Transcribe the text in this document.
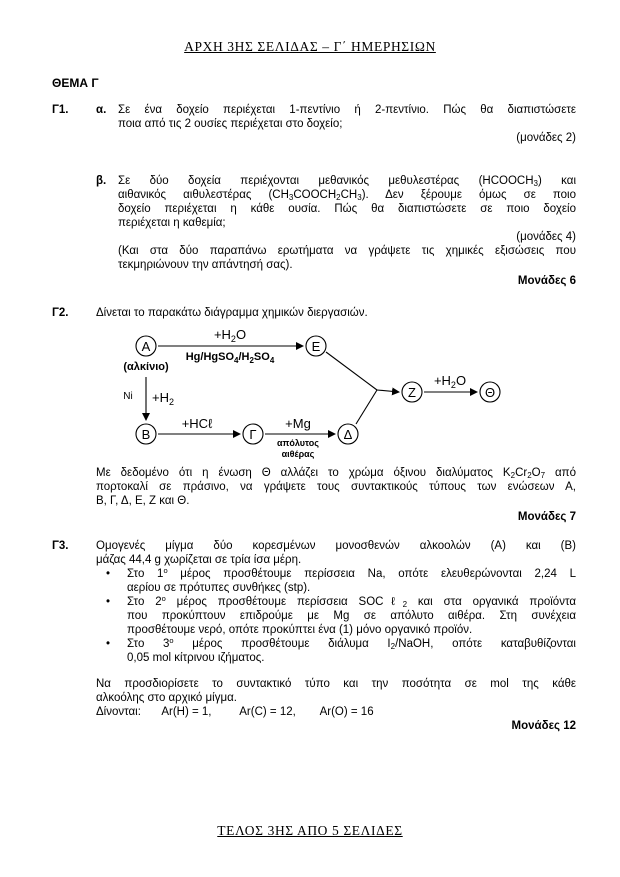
ΑΡΧΗ 3ΗΣ ΣΕΛΙΔΑΣ – Γ΄ ΗΜΕΡΗΣΙΩΝ
ΘΕΜΑ Γ
Γ1. α. Σε ένα δοχείο περιέχεται 1-πεντίνιο ή 2-πεντίνιο. Πώς θα διαπιστώσετε
ποια από τις 2 ουσίες περιέχεται στο δοχείο;
(μονάδες 2)
β. Σε δύο δοχεία περιέχονται μεθανικός μεθυλεστέρας $(HCOOCH_3)$ και
αιθανικός αιθυλεστέρας $(CH_3COOCH_2CH_3)$. Δεν ξέρουμε όμως σε ποιο
δοχείο περιέχεται η κάθε ουσία. Πώς θα διαπιστώσετε σε ποιο δοχείο
περιέχεται η καθεμία;
(μονάδες 4)
(Και στα δύο παραπάνω ερωτήματα να γράψετε τις χημικές εξισώσεις που
τεκμηριώνουν την απάντησή σας).
Μονάδες 6
Γ2. Δίνεται το παρακάτω διάγραμμα χημικών διεργασιών.
Α	Ε
Ζ	Θ
Β	Γ	Δ
(αλκίνιο)
$+H_2O$
$Hg/HgSO_4/H_2SO_4$
$Ni +H_2$
+HCℓ	+Mg
απόλυτος
αιθέρας
$+H_2O$
Με δεδομένο ότι η ένωση Θ αλλάζει το χρώμα όξινου διαλύματος $K_2Cr_2O_7$ από
πορτοκαλί σε πράσινο, να γράψετε τους συντακτικούς τύπους των ενώσεων Α,
Β, Γ, Δ, Ε, Ζ και Θ.
Μονάδες 7
Γ3. Ομογενές μίγμα δύο κορεσμένων μονοσθενών αλκοολών (Α) και (Β)
μάζας 44,4 g χωρίζεται σε τρία ίσα μέρη.
• Στο $1^o$ μέρος προσθέτουμε περίσσεια Na, οπότε ελευθερώνονται 2,24 L
αερίου σε πρότυπες συνθήκες (stp).
• Στο $2^o$ μέρος προσθέτουμε περίσσεια SOCℓ$_2$ και στα οργανικά προϊόντα
που προκύπτουν επιδρούμε με Mg σε απόλυτο αιθέρα. Στη συνέχεια
προσθέτουμε νερό, οπότε προκύπτει ένα (1) μόνο οργανικό προϊόν.
• Στο $3^o$ μέρος προσθέτουμε διάλυμα $I_2$/NaOH, οπότε καταβυθίζονται
0,05 mol κίτρινου ιζήματος.
Να προσδιορίσετε το συντακτικό τύπο και την ποσότητα σε mol της κάθε
αλκοόλης στο αρχικό μίγμα.
Δίνονται: Ar(H) = 1, Ar(C) = 12, Ar(O) = 16
Μονάδες 12
ΤΕΛΟΣ 3ΗΣ ΑΠΟ 5 ΣΕΛΙΔΕΣ
